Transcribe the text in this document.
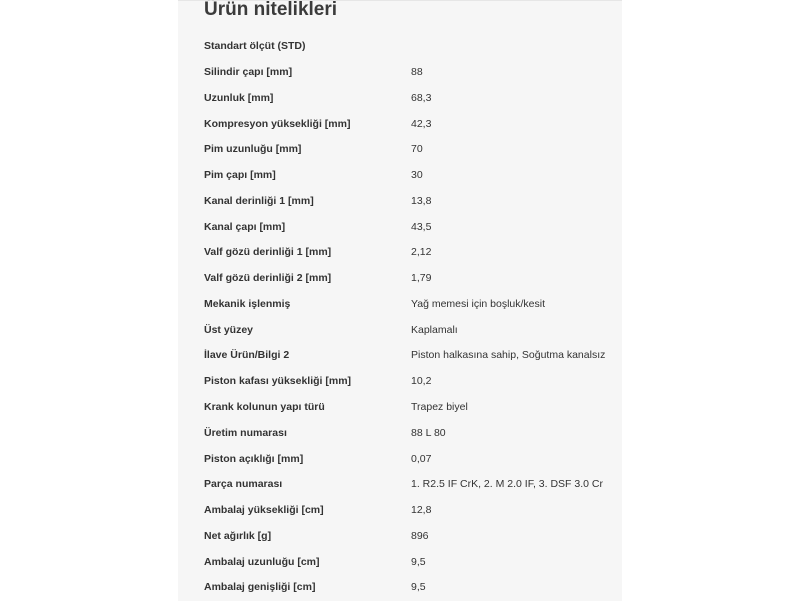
Ürün nitelikleri
Standart ölçüt (STD)
Silindir çapı [mm]	88
Uzunluk [mm]	68,3
Kompresyon yüksekliği [mm]	42,3
Pim uzunluğu [mm]	70
Pim çapı [mm]	30
Kanal derinliği 1 [mm]	13,8
Kanal çapı [mm]	43,5
Valf gözü derinliği 1 [mm]	2,12
Valf gözü derinliği 2 [mm]	1,79
Mekanik işlenmiş	Yağ memesi için boşluk/kesit
Üst yüzey	Kaplamalı
İlave Ürün/Bilgi 2	Piston halkasına sahip, Soğutma kanalsız
Piston kafası yüksekliği [mm]	10,2
Krank kolunun yapı türü	Trapez biyel
Üretim numarası	88 L 80
Piston açıklığı [mm]	0,07
Parça numarası	1. R2.5 IF CrK, 2. M 2.0 IF, 3. DSF 3.0 Cr
Ambalaj yüksekliği [cm]	12,8
Net ağırlık [g]	896
Ambalaj uzunluğu [cm]	9,5
Ambalaj genişliği [cm]	9,5
